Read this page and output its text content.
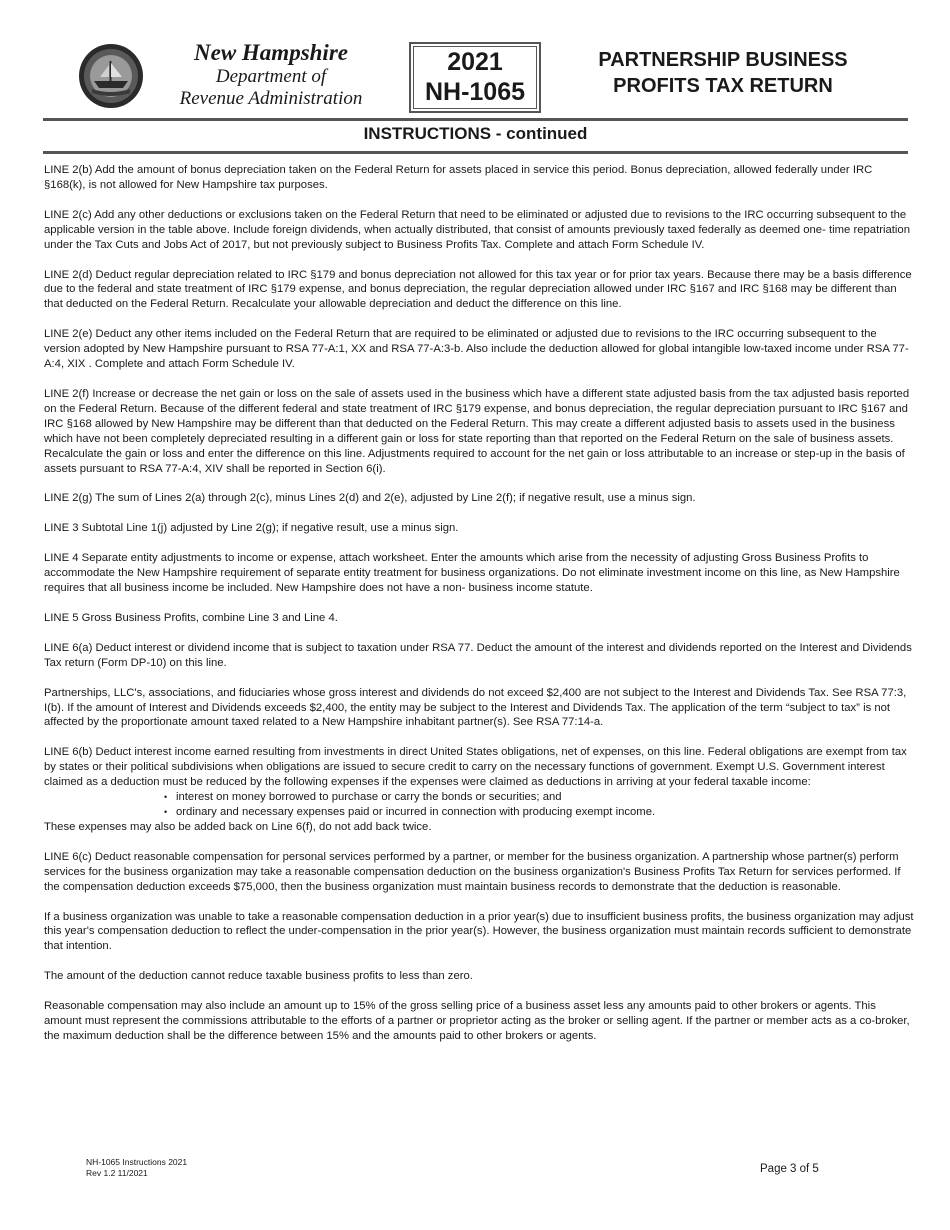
New Hampshire
Department of
Revenue Administration
2021
NH-1065
PARTNERSHIP BUSINESS
PROFITS TAX RETURN
INSTRUCTIONS - continued

LINE 2(b) Add the amount of bonus depreciation taken on the Federal Return for assets placed in service this period. Bonus depreciation, allowed federally under IRC §168(k), is not allowed for New Hampshire tax purposes.

LINE 2(c) Add any other deductions or exclusions taken on the Federal Return that need to be eliminated or adjusted due to revisions to the IRC occurring subsequent to the applicable version in the table above. Include foreign dividends, when actually distributed, that consist of amounts previously taxed federally as deemed one- time repatriation under the Tax Cuts and Jobs Act of 2017, but not previously subject to Business Profits Tax. Complete and attach Form Schedule IV.

LINE 2(d) Deduct regular depreciation related to IRC §179 and bonus depreciation not allowed for this tax year or for prior tax years. Because there may be a basis difference due to the federal and state treatment of IRC §179 expense, and bonus depreciation, the regular depreciation allowed under IRC §167 and IRC §168 may be different than that deducted on the Federal Return. Recalculate your allowable depreciation and deduct the difference on this line.

LINE 2(e) Deduct any other items included on the Federal Return that are required to be eliminated or adjusted due to revisions to the IRC occurring subsequent to the version adopted by New Hampshire pursuant to RSA 77-A:1, XX and RSA 77-A:3-b. Also include the deduction allowed for global intangible low-taxed income under RSA 77-A:4, XIX . Complete and attach Form Schedule IV.

LINE 2(f) Increase or decrease the net gain or loss on the sale of assets used in the business which have a different state adjusted basis from the tax adjusted basis reported on the Federal Return. Because of the different federal and state treatment of IRC §179 expense, and bonus depreciation, the regular depreciation pursuant to IRC §167 and IRC §168 allowed by New Hampshire may be different than that deducted on the Federal Return. This may create a different adjusted basis to assets used in the business which have not been completely depreciated resulting in a different gain or loss for state reporting than that reported on the Federal Return on the sale of business assets. Recalculate the gain or loss and enter the difference on this line. Adjustments required to account for the net gain or loss attributable to an increase or step-up in the basis of assets pursuant to RSA 77-A:4, XIV shall be reported in Section 6(i).

LINE 2(g) The sum of Lines 2(a) through 2(c), minus Lines 2(d) and 2(e), adjusted by Line 2(f); if negative result, use a minus sign.

LINE 3 Subtotal Line 1(j) adjusted by Line 2(g); if negative result, use a minus sign.

LINE 4 Separate entity adjustments to income or expense, attach worksheet. Enter the amounts which arise from the necessity of adjusting Gross Business Profits to accommodate the New Hampshire requirement of separate entity treatment for business organizations. Do not eliminate investment income on this line, as New Hampshire requires that all business income be included. New Hampshire does not have a non- business income statute.

LINE 5 Gross Business Profits, combine Line 3 and Line 4.

LINE 6(a) Deduct interest or dividend income that is subject to taxation under RSA 77. Deduct the amount of the interest and dividends reported on the Interest and Dividends Tax return (Form DP-10) on this line.

Partnerships, LLC's, associations, and fiduciaries whose gross interest and dividends do not exceed $2,400 are not subject to the Interest and Dividends Tax. See RSA 77:3, I(b). If the amount of Interest and Dividends exceeds $2,400, the entity may be subject to the Interest and Dividends Tax. The application of the term “subject to tax” is not affected by the proportionate amount taxed related to a New Hampshire inhabitant partner(s). See RSA 77:14-a.

LINE 6(b) Deduct interest income earned resulting from investments in direct United States obligations, net of expenses, on this line. Federal obligations are exempt from tax by states or their political subdivisions when obligations are issued to secure credit to carry on the necessary functions of government. Exempt U.S. Government interest claimed as a deduction must be reduced by the following expenses if the expenses were claimed as deductions in arriving at your federal taxable income:
• interest on money borrowed to purchase or carry the bonds or securities; and
• ordinary and necessary expenses paid or incurred in connection with producing exempt income.
These expenses may also be added back on Line 6(f), do not add back twice.

LINE 6(c) Deduct reasonable compensation for personal services performed by a partner, or member for the business organization. A partnership whose partner(s) perform services for the business organization may take a reasonable compensation deduction on the business organization's Business Profits Tax Return for services performed. If the compensation deduction exceeds $75,000, then the business organization must maintain business records to demonstrate that the deduction is reasonable.

If a business organization was unable to take a reasonable compensation deduction in a prior year(s) due to insufficient business profits, the business organization may adjust this year's compensation deduction to reflect the under-compensation in the prior year(s). However, the business organization must maintain records sufficient to demonstrate that intention.

The amount of the deduction cannot reduce taxable business profits to less than zero.

Reasonable compensation may also include an amount up to 15% of the gross selling price of a business asset less any amounts paid to other brokers or agents. This amount must represent the commissions attributable to the efforts of a partner or proprietor acting as the broker or selling agent. If the partner or member acts as a co-broker, the maximum deduction shall be the difference between 15% and the amounts paid to other brokers or agents.

NH-1065 Instructions 2021
Rev 1.2 11/2021	Page 3 of 5
